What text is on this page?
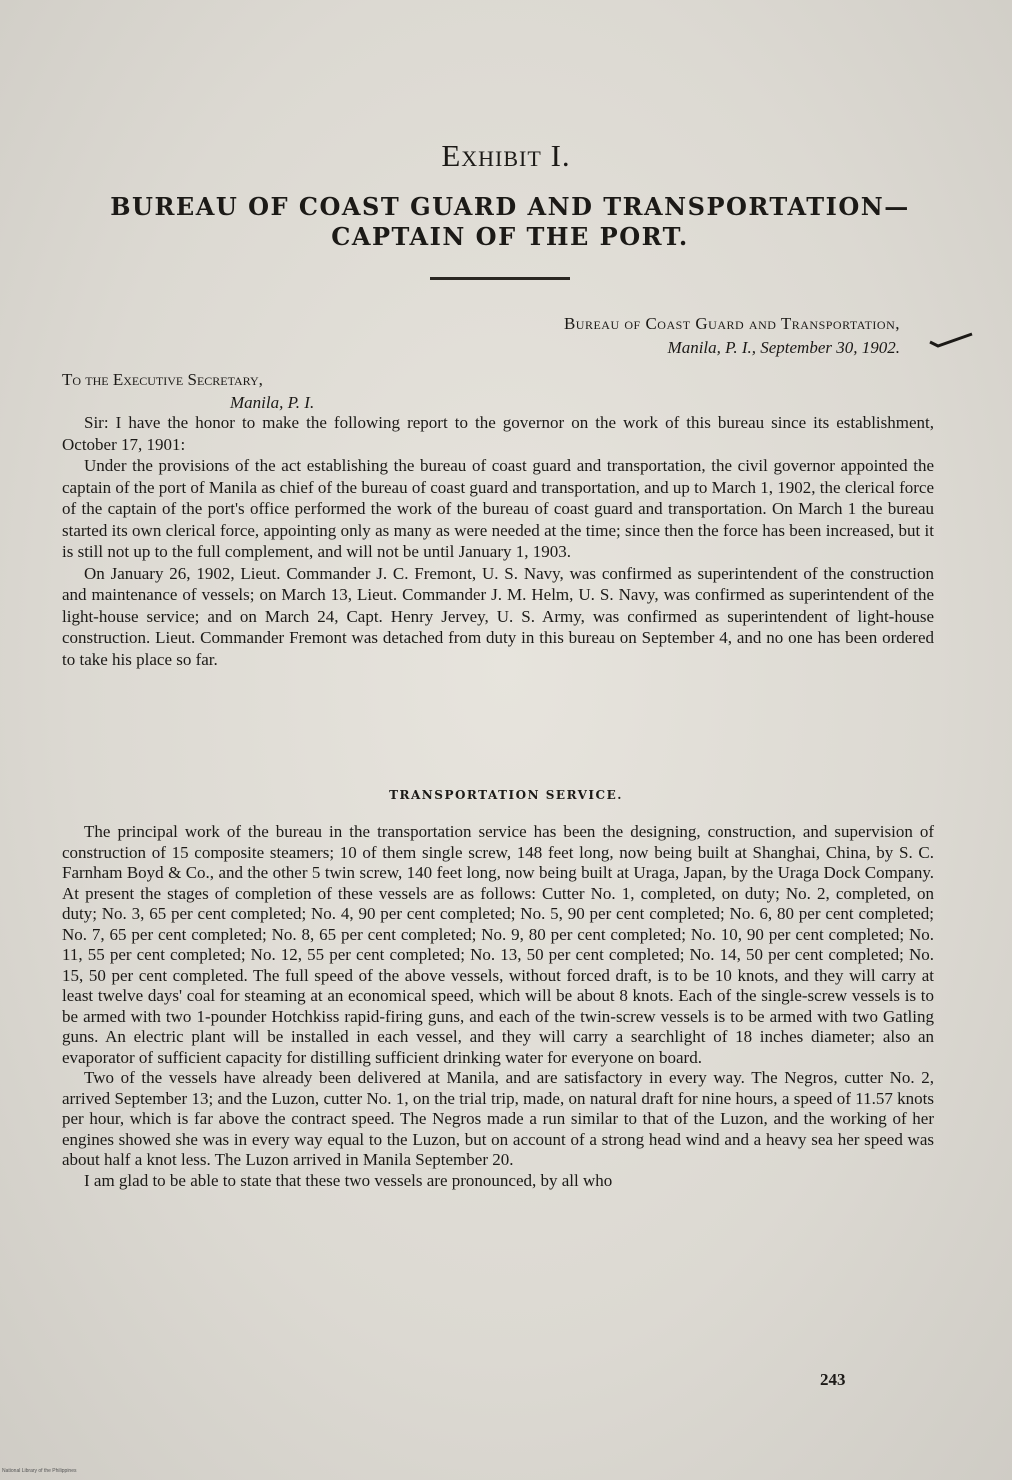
Exhibit I.
BUREAU OF COAST GUARD AND TRANSPORTATION—CAPTAIN OF THE PORT.
Bureau of Coast Guard and Transportation,
Manila, P. I., September 30, 1902.
To the Executive Secretary,
Manila, P. I.

Sir: I have the honor to make the following report to the governor on the work of this bureau since its establishment, October 17, 1901:

Under the provisions of the act establishing the bureau of coast guard and transportation, the civil governor appointed the captain of the port of Manila as chief of the bureau of coast guard and transportation, and up to March 1, 1902, the clerical force of the captain of the port's office performed the work of the bureau of coast guard and transportation. On March 1 the bureau started its own clerical force, appointing only as many as were needed at the time; since then the force has been increased, but it is still not up to the full complement, and will not be until January 1, 1903.

On January 26, 1902, Lieut. Commander J. C. Fremont, U. S. Navy, was confirmed as superintendent of the construction and maintenance of vessels; on March 13, Lieut. Commander J. M. Helm, U. S. Navy, was confirmed as superintendent of the light-house service; and on March 24, Capt. Henry Jervey, U. S. Army, was confirmed as superintendent of light-house construction. Lieut. Commander Fremont was detached from duty in this bureau on September 4, and no one has been ordered to take his place so far.

TRANSPORTATION SERVICE.

The principal work of the bureau in the transportation service has been the designing, construction, and supervision of construction of 15 composite steamers; 10 of them single screw, 148 feet long, now being built at Shanghai, China, by S. C. Farnham Boyd & Co., and the other 5 twin screw, 140 feet long, now being built at Uraga, Japan, by the Uraga Dock Company. At present the stages of completion of these vessels are as follows: Cutter No. 1, completed, on duty; No. 2, completed, on duty; No. 3, 65 per cent completed; No. 4, 90 per cent completed; No. 5, 90 per cent completed; No. 6, 80 per cent completed; No. 7, 65 per cent completed; No. 8, 65 per cent completed; No. 9, 80 per cent completed; No. 10, 90 per cent completed; No. 11, 55 per cent completed; No. 12, 55 per cent completed; No. 13, 50 per cent completed; No. 14, 50 per cent completed; No. 15, 50 per cent completed. The full speed of the above vessels, without forced draft, is to be 10 knots, and they will carry at least twelve days' coal for steaming at an economical speed, which will be about 8 knots. Each of the single-screw vessels is to be armed with two 1-pounder Hotchkiss rapid-firing guns, and each of the twin-screw vessels is to be armed with two Gatling guns. An electric plant will be installed in each vessel, and they will carry a searchlight of 18 inches diameter; also an evaporator of sufficient capacity for distilling sufficient drinking water for everyone on board.

Two of the vessels have already been delivered at Manila, and are satisfactory in every way. The Negros, cutter No. 2, arrived September 13; and the Luzon, cutter No. 1, on the trial trip, made, on natural draft for nine hours, a speed of 11.57 knots per hour, which is far above the contract speed. The Negros made a run similar to that of the Luzon, and the working of her engines showed she was in every way equal to the Luzon, but on account of a strong head wind and a heavy sea her speed was about half a knot less. The Luzon arrived in Manila September 20.

I am glad to be able to state that these two vessels are pronounced, by all who

243
National Library of the Philippines
